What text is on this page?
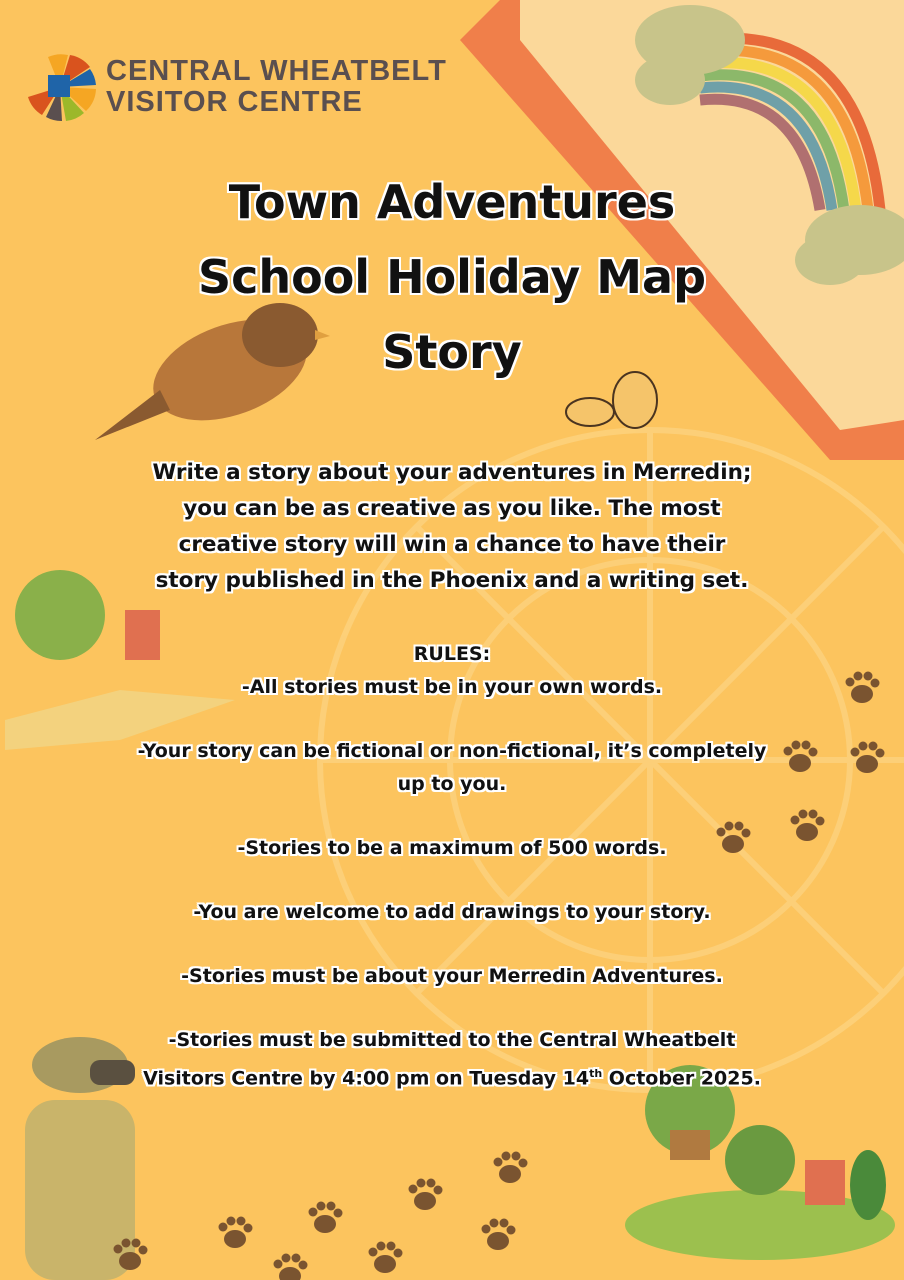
CENTRAL WHEATBELT
VISITOR CENTRE
Town Adventures
School Holiday Map
Story
Write a story about your adventures in Merredin;
you can be as creative as you like. The most
creative story will win a chance to have their
story published in the Phoenix and a writing set.

RULES:

-All stories must be in your own words.

-Your story can be fictional or non-fictional, it’s completely up to you.

-Stories to be a maximum of 500 words.

-You are welcome to add drawings to your story.

-Stories must be about your Merredin Adventures.

-Stories must be submitted to the Central Wheatbelt Visitors Centre by 4:00 pm on Tuesday 14th October 2025.
